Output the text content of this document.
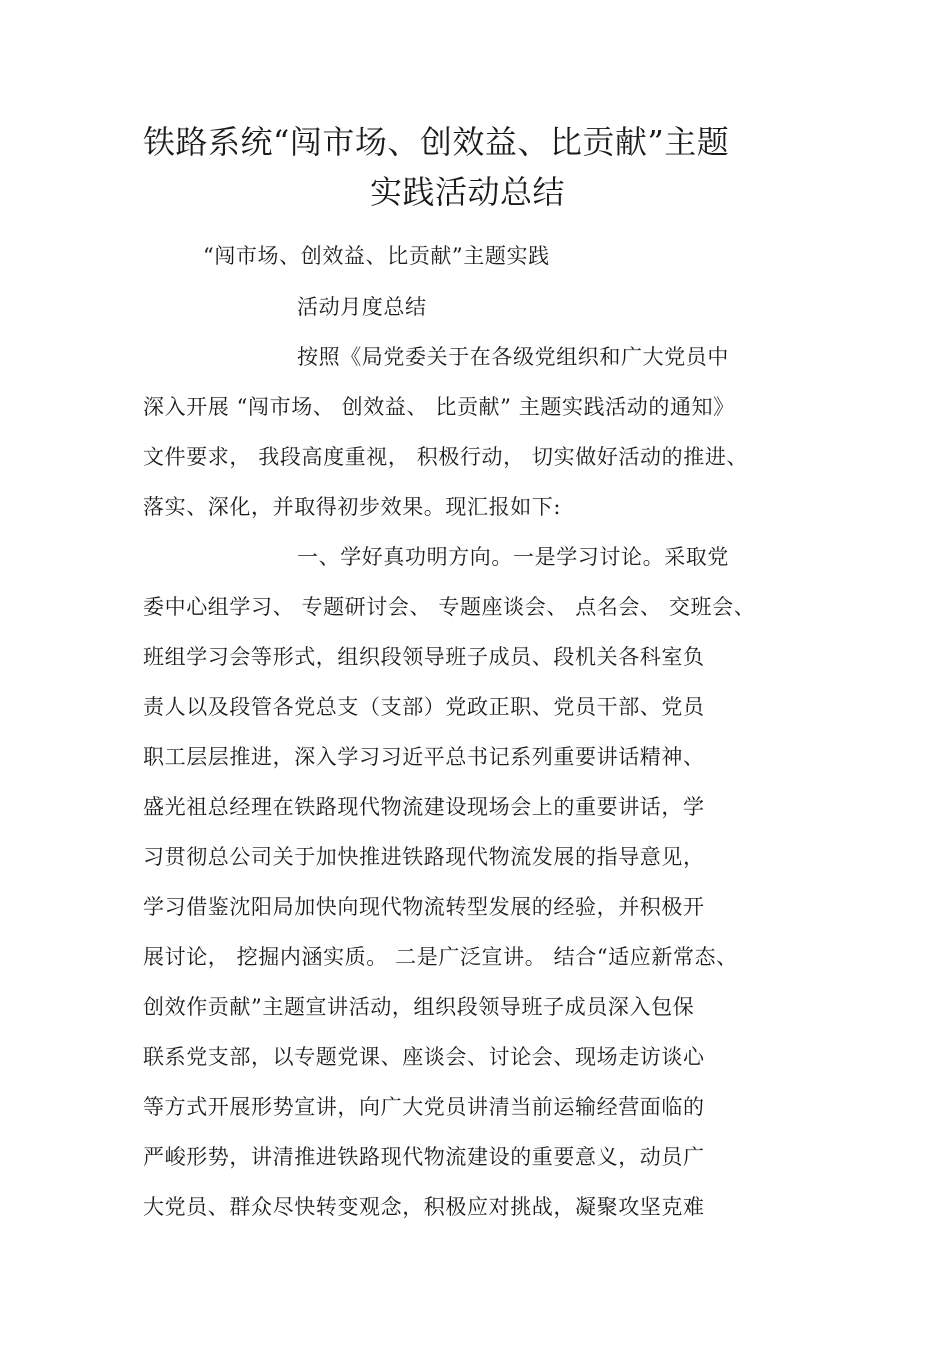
铁路系统“闯市场、创效益、比贡献”主题
实践活动总结
“闯市场、创效益、比贡献”主题实践
活动月度总结
按照《局党委关于在各级党组织和广大党员中
深入开展 “闯市场、 创效益、 比贡献” 主题实践活动的通知》
文件要求， 我段高度重视， 积极行动， 切实做好活动的推进、
落实、深化，并取得初步效果。现汇报如下:
一、学好真功明方向。一是学习讨论。采取党
委中心组学习、 专题研讨会、 专题座谈会、 点名会、 交班会、
班组学习会等形式，组织段领导班子成员、段机关各科室负
责人以及段管各党总支（支部）党政正职、党员干部、党员
职工层层推进，深入学习习近平总书记系列重要讲话精神、
盛光祖总经理在铁路现代物流建设现场会上的重要讲话，学
习贯彻总公司关于加快推进铁路现代物流发展的指导意见，
学习借鉴沈阳局加快向现代物流转型发展的经验，并积极开
展讨论， 挖掘内涵实质。 二是广泛宣讲。 结合“适应新常态、
创效作贡献”主题宣讲活动，组织段领导班子成员深入包保
联系党支部，以专题党课、座谈会、讨论会、现场走访谈心
等方式开展形势宣讲，向广大党员讲清当前运输经营面临的
严峻形势，讲清推进铁路现代物流建设的重要意义，动员广
大党员、群众尽快转变观念，积极应对挑战，凝聚攻坚克难
